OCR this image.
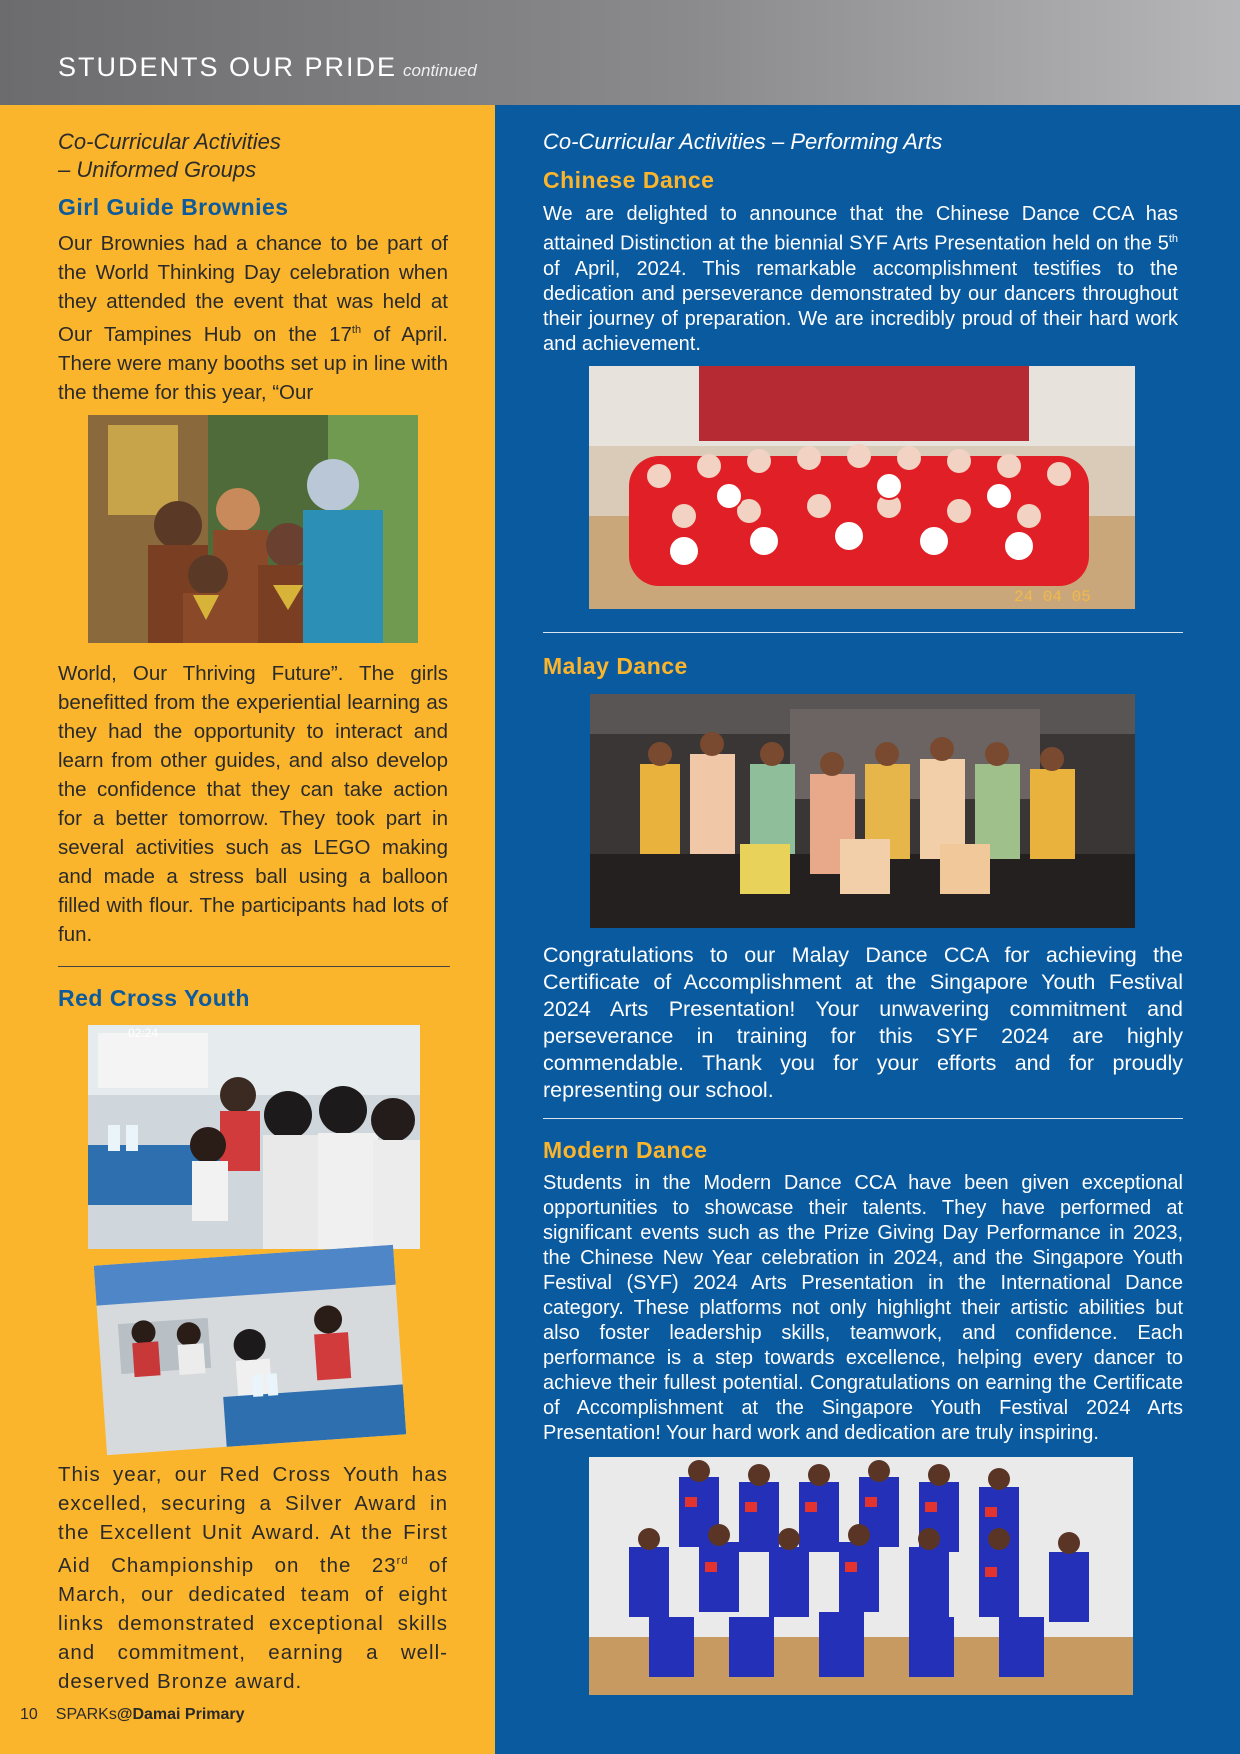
STUDENTS OUR PRIDE continued
Co-Curricular Activities
– Uniformed Groups
Girl Guide Brownies
Our Brownies had a chance to be part of the World Thinking Day celebration when they attended the event that was held at Our Tampines Hub on the 17th of April. There were many booths set up in line with the theme for this year, “Our
World, Our Thriving Future”. The girls benefitted from the experiential learning as they had the opportunity to interact and learn from other guides, and also develop the confidence that they can take action for a better tomorrow. They took part in several activities such as LEGO making and made a stress ball using a balloon filled with flour. The participants had lots of fun.
Red Cross Youth
02:24
This year, our Red Cross Youth has excelled, securing a Silver Award in the Excellent Unit Award. At the First Aid Championship on the 23rd of March, our dedicated team of eight links demonstrated exceptional skills and commitment, earning a well-deserved Bronze award.
Co-Curricular Activities – Performing Arts
Chinese Dance
We are delighted to announce that the Chinese Dance CCA has attained Distinction at the biennial SYF Arts Presentation held on the 5th of April, 2024. This remarkable accomplishment testifies to the dedication and perseverance demonstrated by our dancers throughout their journey of preparation. We are incredibly proud of their hard work and achievement.
24 04 05
Malay Dance
Congratulations to our Malay Dance CCA for achieving the Certificate of Accomplishment at the Singapore Youth Festival 2024 Arts Presentation! Your unwavering commitment and perseverance in training for this SYF 2024 are highly commendable. Thank you for your efforts and for proudly representing our school.
Modern Dance
Students in the Modern Dance CCA have been given exceptional opportunities to showcase their talents. They have performed at significant events such as the Prize Giving Day Performance in 2023, the Chinese New Year celebration in 2024, and the Singapore Youth Festival (SYF) 2024 Arts Presentation in the International Dance category. These platforms not only highlight their artistic abilities but also foster leadership skills, teamwork, and confidence. Each performance is a step towards excellence, helping every dancer to achieve their fullest potential. Congratulations on earning the Certificate of Accomplishment at the Singapore Youth Festival 2024 Arts Presentation! Your hard work and dedication are truly inspiring.
10 SPARKs@Damai Primary
